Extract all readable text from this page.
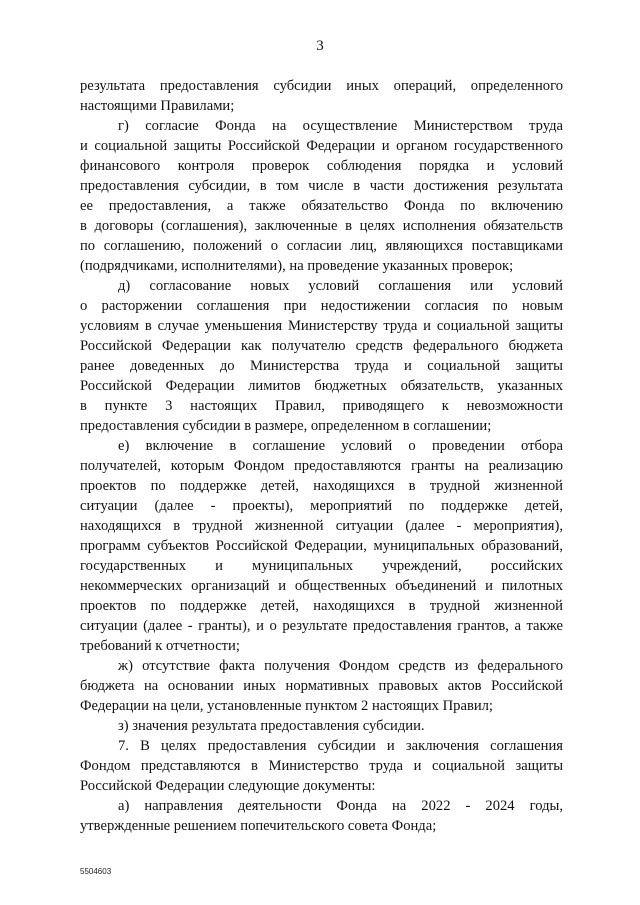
3
результата предоставления субсидии иных операций, определенного
настоящими Правилами;
г) согласие Фонда на осуществление Министерством труда
и социальной защиты Российской Федерации и органом государственного
финансового контроля проверок соблюдения порядка и условий
предоставления субсидии, в том числе в части достижения результата
ее предоставления, а также обязательство Фонда по включению
в договоры (соглашения), заключенные в целях исполнения обязательств
по соглашению, положений о согласии лиц, являющихся поставщиками
(подрядчиками, исполнителями), на проведение указанных проверок;
д) согласование новых условий соглашения или условий
о расторжении соглашения при недостижении согласия по новым
условиям в случае уменьшения Министерству труда и социальной защиты
Российской Федерации как получателю средств федерального бюджета
ранее доведенных до Министерства труда и социальной защиты
Российской Федерации лимитов бюджетных обязательств, указанных
в пункте 3 настоящих Правил, приводящего к невозможности
предоставления субсидии в размере, определенном в соглашении;
е) включение в соглашение условий о проведении отбора
получателей, которым Фондом предоставляются гранты на реализацию
проектов по поддержке детей, находящихся в трудной жизненной
ситуации (далее - проекты), мероприятий по поддержке детей,
находящихся в трудной жизненной ситуации (далее - мероприятия),
программ субъектов Российской Федерации, муниципальных образований,
государственных и муниципальных учреждений, российских
некоммерческих организаций и общественных объединений и пилотных
проектов по поддержке детей, находящихся в трудной жизненной
ситуации (далее - гранты), и о результате предоставления грантов, а также
требований к отчетности;
ж) отсутствие факта получения Фондом средств из федерального
бюджета на основании иных нормативных правовых актов Российской
Федерации на цели, установленные пунктом 2 настоящих Правил;
з) значения результата предоставления субсидии.
7. В целях предоставления субсидии и заключения соглашения
Фондом представляются в Министерство труда и социальной защиты
Российской Федерации следующие документы:
а) направления деятельности Фонда на 2022 - 2024 годы,
утвержденные решением попечительского совета Фонда;
5504603
